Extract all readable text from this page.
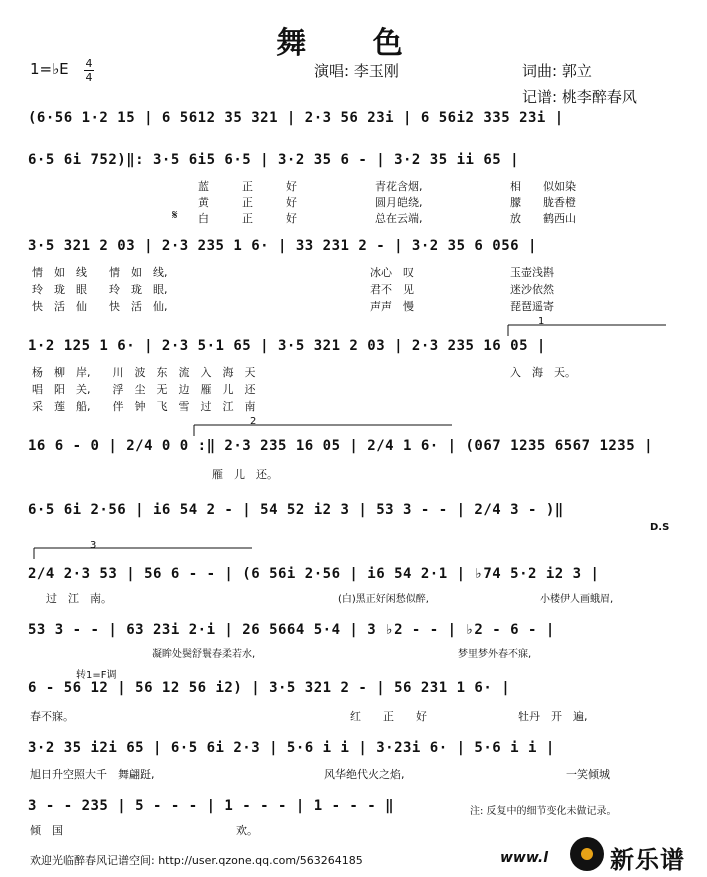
舞 色
1=♭E 4
4	演唱: 李玉刚	词曲: 郭立
记谱: 桃李醉春风
(6·56 1·2 15 | 6 5612 35 321 | 2·3 56 23i | 6 56i2 335 23i |
6·5 6i 752)‖: 3·5 6i5 6·5 | 3·2 35 6 - | 3·2 35 ii 65 |
蓝　　　正　　　好	青花含烟,	相　　似如染
黄　　　正　　　好	圆月皑绕,	朦　　胧香橙
𝄋 白　　　正　　　好	总在云端,	放　　鹤西山
3·5 321 2 03 | 2·3 235 1 6· | 33 231 2 - | 3·2 35 6 056 |
情　如　线　　情　如　线,	冰心　叹	玉壶浅斟
玲　珑　眼　　玲　珑　眼,	君不　见	迷沙依然
快　活　仙　　快　活　仙,	声声　慢	琵琶遥寄
1
1·2 125 1 6· | 2·3 5·1 65 | 3·5 321 2 03 | 2·3 235 16 05 |
杨　柳　岸,　　川　波　东　流　入　海　天	入　海　天。
唱　阳　关,　　浮　尘　无　边　雁　儿　还
采　莲　船,　　伴　钟　飞　雪　过　江　南
2
16 6 - 0 | 2/4 0 0 :‖ 2·3 235 16 05 | 2/4 1 6· | (067 1235 6567 1235 |
雁　儿　还。
6·5 6i 2·56 | i6 54 2 - | 54 52 i2 3 | 53 3 - - | 2/4 3 - )‖
D.S
3
2/4 2·3 53 | 56 6 - - | (6 56i 2·56 | i6 54 2·1 | ♭74 5·2 i2 3 |
过　江　南。	(白)黑正好闲愁似醉,	小楼伊人画蛾眉,
53 3 - - | 63 23i 2·i | 26 5664 5·4 | 3 ♭2 - - | ♭2 - 6 - |
凝眸处鬓舒鬟春柔若水,	梦里梦外春不寐,
转1=F调
6 - 56 12 | 56 12 56 i2) | 3·5 321 2 - | 56 231 1 6· |
春不寐。	红　　正　　好	牡丹　开　遍,
3·2 35 i2i 65 | 6·5 6i 2·3 | 5·6 i i | 3·23i 6· | 5·6 i i |
旭日升空照大千　舞翩跹,	风华绝代火之焰,	一笑倾城
3 - - 235 | 5 - - - | 1 - - - | 1 - - - ‖
倾　国	欢。
注: 反复中的细节变化未做记录。
欢迎光临醉春风记谱空间: http://user.qzone.qq.com/563264185	www.l	新乐谱
